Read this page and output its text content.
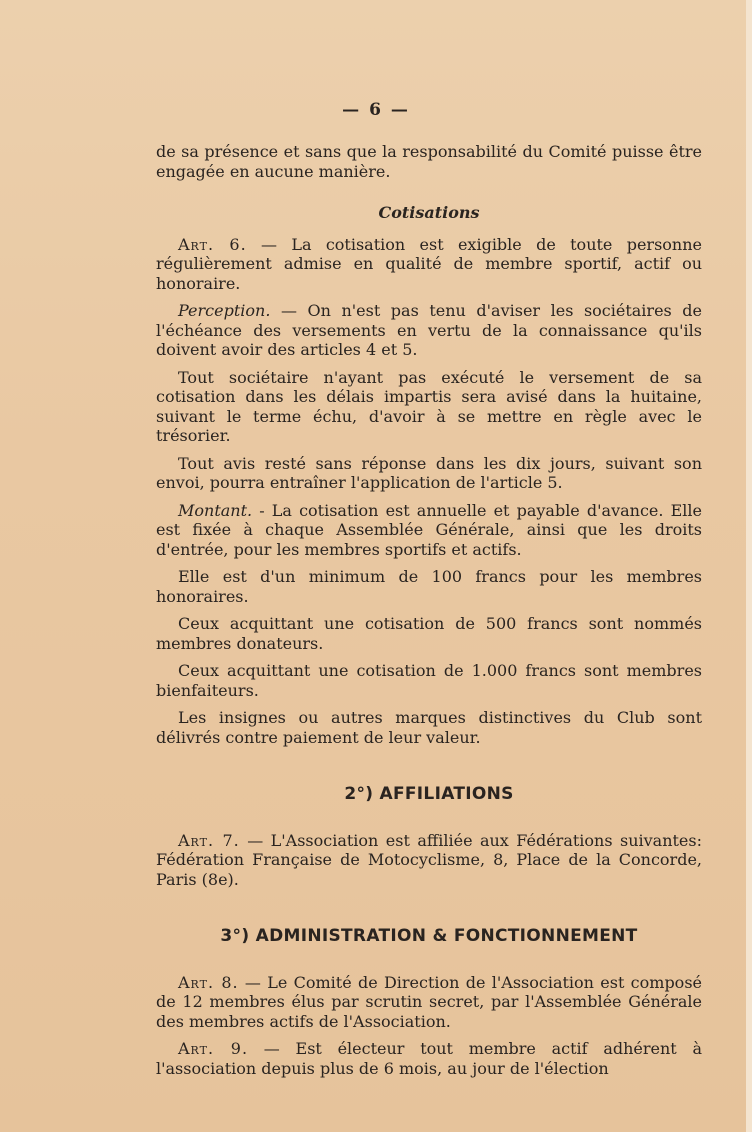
— 6 —

de sa présence et sans que la responsabilité du Comité puisse être engagée en aucune manière.

Cotisations

Art. 6. — La cotisation est exigible de toute personne régulièrement admise en qualité de membre sportif, actif ou honoraire.

Perception. — On n'est pas tenu d'aviser les sociétaires de l'échéance des versements en vertu de la connaissance qu'ils doivent avoir des articles 4 et 5.

Tout sociétaire n'ayant pas exécuté le versement de sa cotisation dans les délais impartis sera avisé dans la huitaine, suivant le terme échu, d'avoir à se mettre en règle avec le trésorier.

Tout avis resté sans réponse dans les dix jours, suivant son envoi, pourra entraîner l'application de l'article 5.

Montant. - La cotisation est annuelle et payable d'avance. Elle est fixée à chaque Assemblée Générale, ainsi que les droits d'entrée, pour les membres sportifs et actifs.

Elle est d'un minimum de 100 francs pour les membres honoraires.

Ceux acquittant une cotisation de 500 francs sont nommés membres donateurs.

Ceux acquittant une cotisation de 1.000 francs sont membres bienfaiteurs.

Les insignes ou autres marques distinctives du Club sont délivrés contre paiement de leur valeur.

2°) AFFILIATIONS

Art. 7. — L'Association est affiliée aux Fédérations suivantes: Fédération Française de Motocyclisme, 8, Place de la Concorde, Paris (8e).

3°) ADMINISTRATION & FONCTIONNEMENT

Art. 8. — Le Comité de Direction de l'Association est composé de 12 membres élus par scrutin secret, par l'Assemblée Générale des membres actifs de l'Association.

Art. 9. — Est électeur tout membre actif adhérent à l'association depuis plus de 6 mois, au jour de l'élection
